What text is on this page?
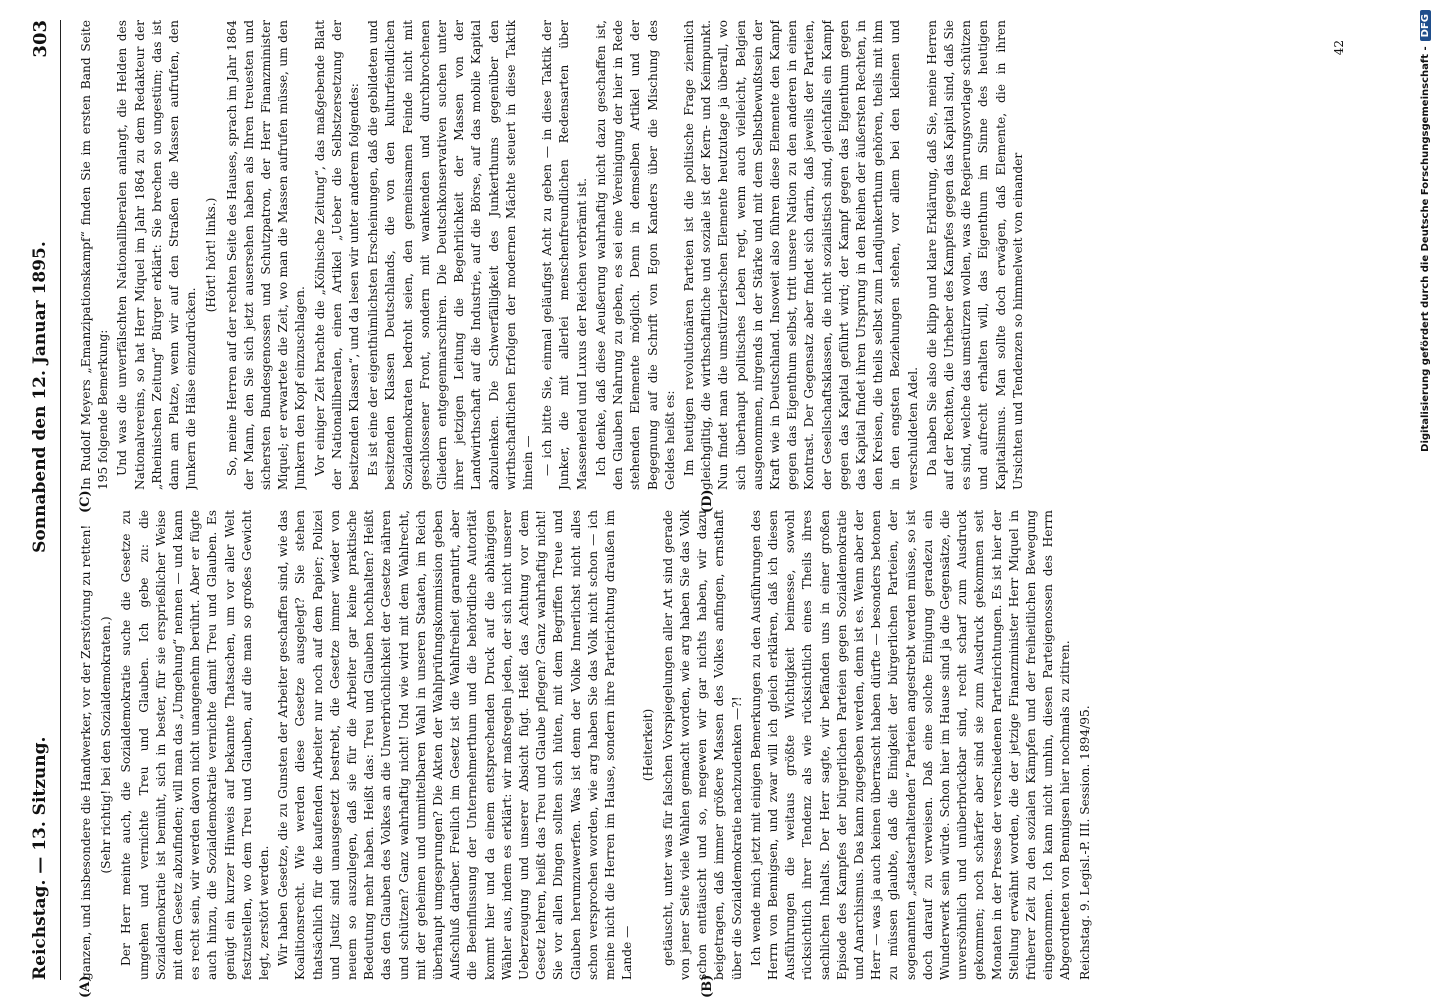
Reichstag. — 13. Sitzung.
Sonnabend den 12. Januar 1895.
303
(A)	(B)
(C)	(D)

ganzen, und insbesondere die Handwerker, vor der Zerstörung zu retten! (Sehr richtig! bei den Sozialdemokraten.) Der Herr meinte auch, die Sozialdemokratie suche die Gesetze zu umgehen und vernichte Treu und Glauben. Ich gebe zu: die Sozialdemokratie ist bemüht, sich in bester, für sie ersprießlicher Weise mit dem Gesetz abzufinden; will man das „Umgehung“ nennen — und kann es recht sein, wir werden davon nicht unangenehm berührt. Aber er fügte auch hinzu, die Sozialdemokratie vernichte damit Treu und Glauben. Es genügt ein kurzer Hinweis auf bekannte Thatsachen, um vor aller Welt festzustellen, wo dem Treu und Glauben, auf die man so großes Gewicht legt, zerstört werden. Wir haben Gesetze, die zu Gunsten der Arbeiter geschaffen sind, wie das Koalitionsrecht. Wie werden diese Gesetze ausgelegt? Sie stehen thatsächlich für die kaufenden Arbeiter nur noch auf dem Papier; Polizei und Justiz sind unausgesetzt bestrebt, die Gesetze immer wieder von neuem so auszulegen, daß sie für die Arbeiter gar keine praktische Bedeutung mehr haben. Heißt das: Treu und Glauben hochhalten? Heißt das den Glauben des Volkes an die Unverbrüchlichkeit der Gesetze nähren und schützen? Ganz wahrhaftig nicht! Und wie wird mit dem Wahlrecht, mit der geheimen und unmittelbaren Wahl in unseren Staaten, im Reich überhaupt umgesprungen? Die Akten der Wahlprüfungskommission geben Aufschluß darüber. Freilich im Gesetz ist die Wahlfreiheit garantirt, aber die Beeinflussung der Unternehmerthum und die behördliche Autorität kommt hier und da einem entsprechenden Druck auf die abhängigen Wähler aus, indem es erklärt: wir maßregeln jeden, der sich nicht unserer Ueberzeugung und unserer Absicht fügt. Heißt das Achtung vor dem Gesetz lehren, heißt das Treu und Glaube pflegen? Ganz wahrhaftig nicht! Sie vor allen Dingen sollten sich hüten, mit dem Begriffen Treue und Glauben herumzuwerfen. Was ist denn der Volke Innerlichst nicht alles schon versprochen worden, wie arg haben Sie das Volk nicht schon — ich meine nicht die Herren im Hause, sondern ihre Parteirichtung draußen im Lande —

(Heiterkeit) getäuscht, unter was für falschen Vorspiegelungen aller Art sind gerade von jener Seite viele Wahlen gemacht worden, wie arg haben Sie das Volk schon enttäuscht und so, megewen wir gar nichts haben, wir dazu beigetragen, daß immer größere Massen des Volkes anfingen, ernsthaft über die Sozialdemokratie nachzudenken —?! Ich wende mich jetzt mit einigen Bemerkungen zu den Ausführungen des Herrn von Bennigsen, und zwar will ich gleich erklären, daß ich diesen Ausführungen die weitaus größte Wichtigkeit beimesse, sowohl rücksichtlich ihrer Tendenz als wie rücksichtlich eines Theils ihres sachlichen Inhalts. Der Herr sagte, wir befänden uns in einer großen Episode des Kampfes der bürgerlichen Parteien gegen Sozialdemokratie und Anarchismus. Das kann zugegeben werden, denn ist es. Wenn aber der Herr — was ja auch keinen überrascht haben dürfte — besonders betonen zu müssen glaubte, daß die Einigkeit der bürgerlichen Parteien, der sogenannten „staatserhaltenden“ Parteien angestrebt werden müsse, so ist doch darauf zu verweisen. Daß eine solche Einigung geradezu ein Wunderwerk sein würde. Schon hier im Hause sind ja die Gegensätze, die unversöhnlich und unüberbrückbar sind, recht scharf zum Ausdruck gekommen; noch schärfer aber sind sie zum Ausdruck gekommen seit Monaten in der Presse der verschiedenen Parteirichtungen. Es ist hier der Stellung erwähnt worden, die der jetzige Finanzminister Herr Miquel in früherer Zeit zu den sozialen Kämpfen und der freiheitlichen Bewegung eingenommen. Ich kann nicht umhin, diesen Parteigenossen des Herrn Abgeordneten von Bennigsen hier nochmals zu zitiren. Reichstag. 9. Legisl.-P. III. Session. 1894/95.

In Rudolf Meyers „Emanzipationskampf“ finden Sie im ersten Band Seite 195 folgende Bemerkung: Und was die unverfälschten Nationalliberalen anlangt, die Helden des Nationalvereins, so hat Herr Miquel im Jahr 1864 zu dem Redakteur der „Rheinischen Zeitung“ Bürger erklärt: Sie brechen so ungestüm; das ist dann am Platze, wenn wir auf den Straßen die Massen aufrufen, den Junkern die Hälse einzudrücken.

(Hört! hört! links.) So, meine Herren auf der rechten Seite des Hauses, sprach im Jahr 1864 der Mann, den Sie sich jetzt ausersehen haben als Ihren treuesten und sichersten Bundesgenossen und Schutzpatron, der Herr Finanzminister Miquel; er erwartete die Zeit, wo man die Massen aufrufen müsse, um den Junkern den Kopf einzuschlagen. Vor einiger Zeit brachte die „Kölnische Zeitung“, das maßgebende Blatt der Nationalliberalen, einen Artikel „Ueber die Selbstzersetzung der besitzenden Klassen“, und da lesen wir unter anderem folgendes: Es ist eine der eigenthümlichsten Erscheinungen, daß die gebildeten und besitzenden Klassen Deutschlands, die von den kulturfeindlichen Sozialdemokraten bedroht seien, den gemeinsamen Feinde nicht mit geschlossener Front, sondern mit wankenden und durchbrochenen Gliedern entgegenmarschiren. Die Deutschkonservativen suchen unter ihrer jetzigen Leitung die Begehrlichkeit der Massen von der Landwirthschaft auf die Industrie, auf die Börse, auf das mobile Kapital abzulenken. Die Schwerfälligkeit des Junkerthums gegenüber den wirthschaftlichen Erfolgen der modernen Mächte steuert in diese Taktik hinein — — ich bitte Sie, einmal geläufigst Acht zu geben — in diese Taktik der Junker, die mit allerlei menschenfreundlichen Redensarten über Massenelend und Luxus der Reichen verbrämt ist. Ich denke, daß diese Aeußerung wahrhaftig nicht dazu geschaffen ist, den Glauben Nahrung zu geben, es sei eine Vereinigung der hier in Rede stehenden Elemente möglich. Denn in demselben Artikel und der Begegnung auf die Schrift von Egon Kanders über die Mischung des Geldes heißt es: Im heutigen revolutionären Parteien ist die politische Frage ziemlich gleichgiltig, die wirthschaftliche und soziale ist der Kern- und Keimpunkt. Nun findet man die umstürzlerischen Elemente heutzutage ja überall, wo sich überhaupt politisches Leben regt, wenn auch vielleicht, Belgien ausgenommen, nirgends in der Stärke und mit dem Selbstbewußtsein der Kraft wie in Deutschland. Insoweit also führen diese Elemente den Kampf gegen das Eigenthum selbst, tritt unsere Nation zu den anderen in einen Kontrast. Der Gegensatz aber findet sich darin, daß jeweils der Parteien, der Gesellschaftsklassen, die nicht sozialistisch sind, gleichfalls ein Kampf gegen das Kapital geführt wird; der Kampf gegen das Eigenthum gegen das Kapital findet ihren Ursprung in den Reihen der äußersten Rechten, in den Kreisen, die theils selbst zum Landjunkerthum gehören, theils mit ihm in den engsten Beziehungen stehen, vor allem bei den kleinen und verschuldeten Adel. Da haben Sie also die klipp und klare Erklärung, daß Sie, meine Herren auf der Rechten, die Urheber des Kampfes gegen das Kapital sind, daß Sie es sind, welche das umstürzen wollen, was die Regierungsvorlage schützen und aufrecht erhalten will, das Eigenthum im Sinne des heutigen Kapitalismus. Man sollte doch erwägen, daß Elemente, die in ihren Ursichten und Tendenzen so himmelweit von einander

42	Digitalisierung gefördert durch die Deutsche Forschungsgemeinschaft -
DFG
